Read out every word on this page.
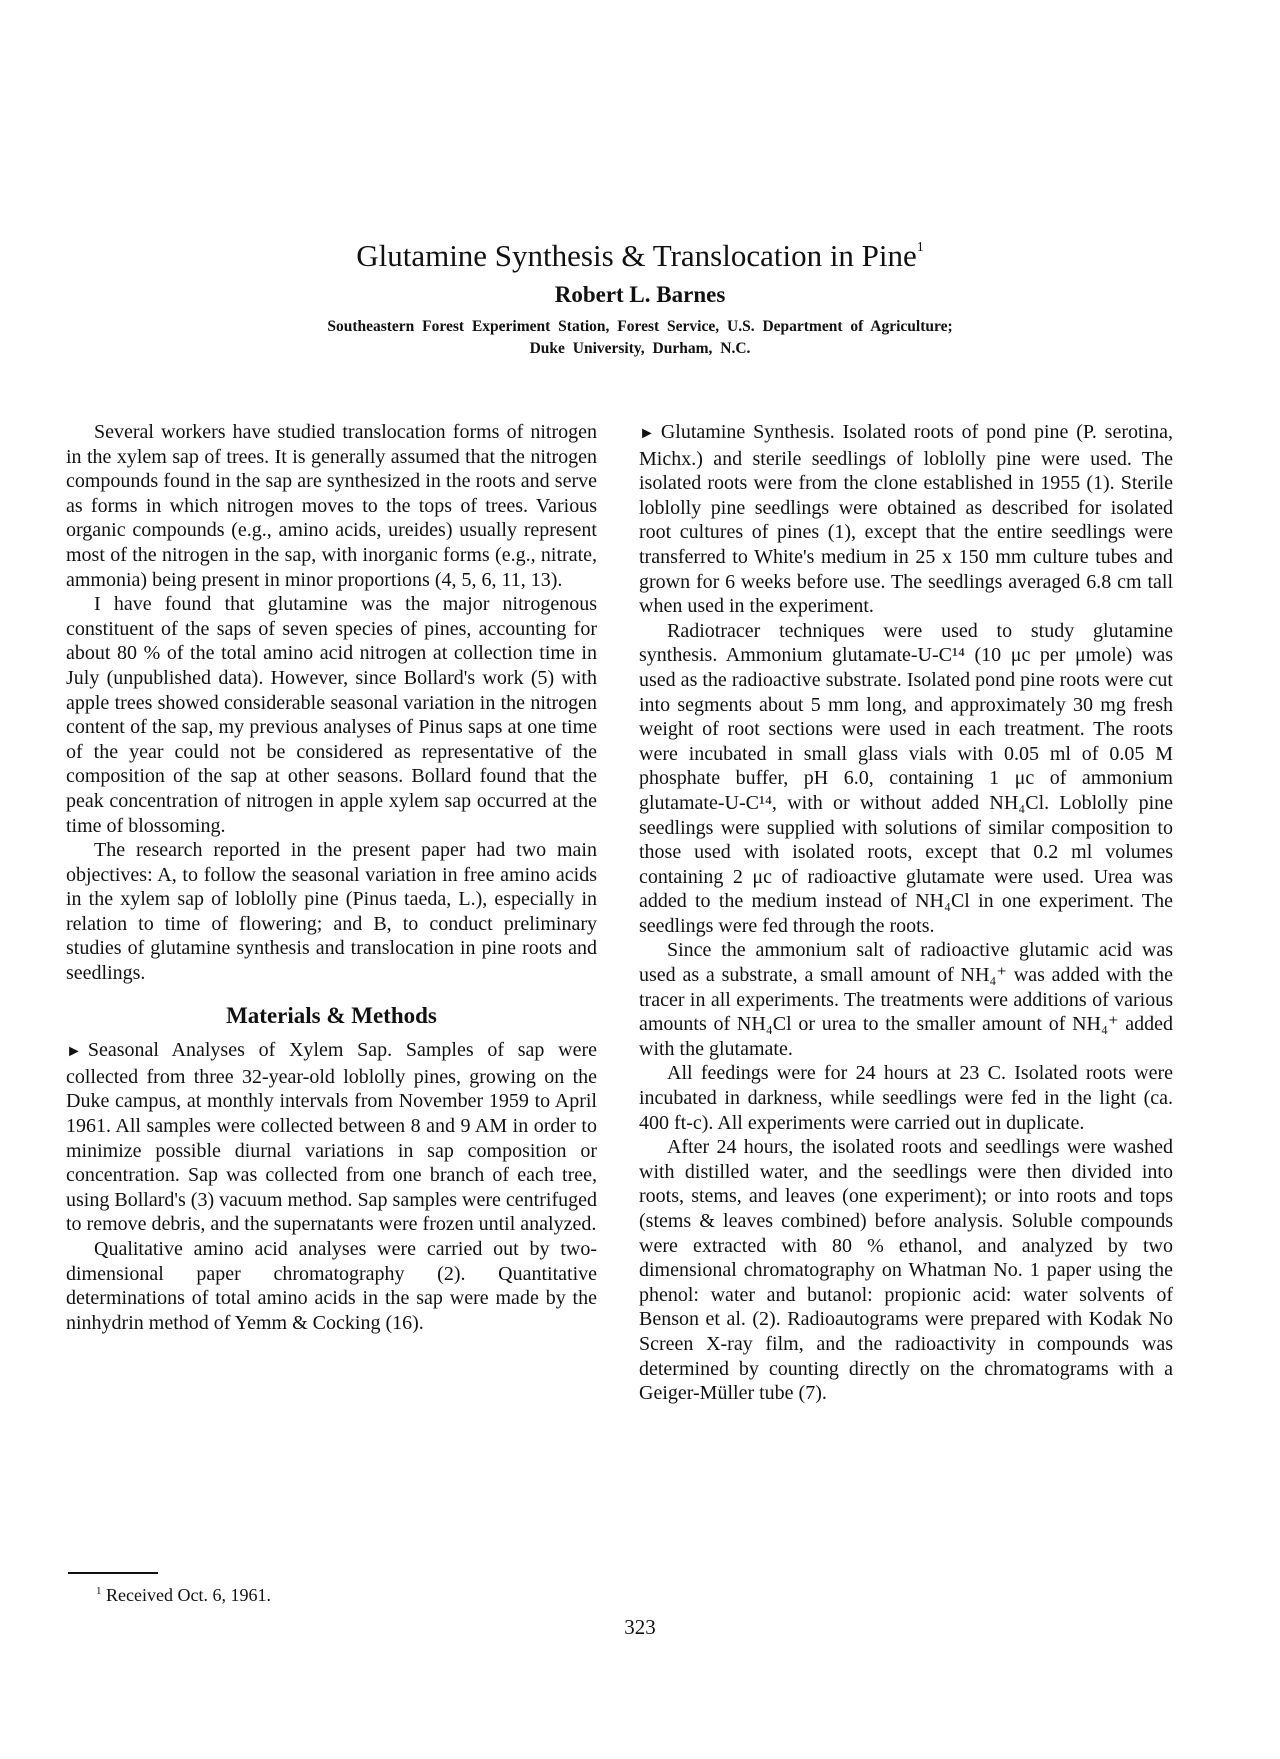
Glutamine Synthesis & Translocation in Pine$^1$
Robert L. Barnes
Southeastern Forest Experiment Station, Forest Service, U.S. Department of Agriculture;
Duke University, Durham, N.C.

Several workers have studied translocation forms of nitrogen in the xylem sap of trees. It is generally assumed that the nitrogen compounds found in the sap are synthesized in the roots and serve as forms in which nitrogen moves to the tops of trees. Various organic compounds (e.g., amino acids, ureides) usually represent most of the nitrogen in the sap, with inorganic forms (e.g., nitrate, ammonia) being present in minor proportions (4, 5, 6, 11, 13).

I have found that glutamine was the major nitrogenous constituent of the saps of seven species of pines, accounting for about 80 % of the total amino acid nitrogen at collection time in July (unpublished data). However, since Bollard's work (5) with apple trees showed considerable seasonal variation in the nitrogen content of the sap, my previous analyses of Pinus saps at one time of the year could not be considered as representative of the composition of the sap at other seasons. Bollard found that the peak concentration of nitrogen in apple xylem sap occurred at the time of blossoming.

The research reported in the present paper had two main objectives: A, to follow the seasonal variation in free amino acids in the xylem sap of loblolly pine (Pinus taeda, L.), especially in relation to time of flowering; and B, to conduct preliminary studies of glutamine synthesis and translocation in pine roots and seedlings.

Materials & Methods

► Seasonal Analyses of Xylem Sap. Samples of sap were collected from three 32-year-old loblolly pines, growing on the Duke campus, at monthly intervals from November 1959 to April 1961. All samples were collected between 8 and 9 AM in order to minimize possible diurnal variations in sap composition or concentration. Sap was collected from one branch of each tree, using Bollard's (3) vacuum method. Sap samples were centrifuged to remove debris, and the supernatants were frozen until analyzed.

Qualitative amino acid analyses were carried out by two-dimensional paper chromatography (2). Quantitative determinations of total amino acids in the sap were made by the ninhydrin method of Yemm & Cocking (16).

► Glutamine Synthesis. Isolated roots of pond pine (P. serotina, Michx.) and sterile seedlings of loblolly pine were used. The isolated roots were from the clone established in 1955 (1). Sterile loblolly pine seedlings were obtained as described for isolated root cultures of pines (1), except that the entire seedlings were transferred to White's medium in 25 x 150 mm culture tubes and grown for 6 weeks before use. The seedlings averaged 6.8 cm tall when used in the experiment.

Radiotracer techniques were used to study glutamine synthesis. Ammonium glutamate-U-C¹⁴ (10 μc per μmole) was used as the radioactive substrate. Isolated pond pine roots were cut into segments about 5 mm long, and approximately 30 mg fresh weight of root sections were used in each treatment. The roots were incubated in small glass vials with 0.05 ml of 0.05 M phosphate buffer, pH 6.0, containing 1 μc of ammonium glutamate-U-C¹⁴, with or without added NH₄Cl. Loblolly pine seedlings were supplied with solutions of similar composition to those used with isolated roots, except that 0.2 ml volumes containing 2 μc of radioactive glutamate were used. Urea was added to the medium instead of NH₄Cl in one experiment. The seedlings were fed through the roots.

Since the ammonium salt of radioactive glutamic acid was used as a substrate, a small amount of NH₄⁺ was added with the tracer in all experiments. The treatments were additions of various amounts of NH₄Cl or urea to the smaller amount of NH₄⁺ added with the glutamate.

All feedings were for 24 hours at 23 C. Isolated roots were incubated in darkness, while seedlings were fed in the light (ca. 400 ft-c). All experiments were carried out in duplicate.

After 24 hours, the isolated roots and seedlings were washed with distilled water, and the seedlings were then divided into roots, stems, and leaves (one experiment); or into roots and tops (stems & leaves combined) before analysis. Soluble compounds were extracted with 80 % ethanol, and analyzed by two dimensional chromatography on Whatman No. 1 paper using the phenol: water and butanol: propionic acid: water solvents of Benson et al. (2). Radioautograms were prepared with Kodak No Screen X-ray film, and the radioactivity in compounds was determined by counting directly on the chromatograms with a Geiger-Müller tube (7).

$^1$ Received Oct. 6, 1961.
323
